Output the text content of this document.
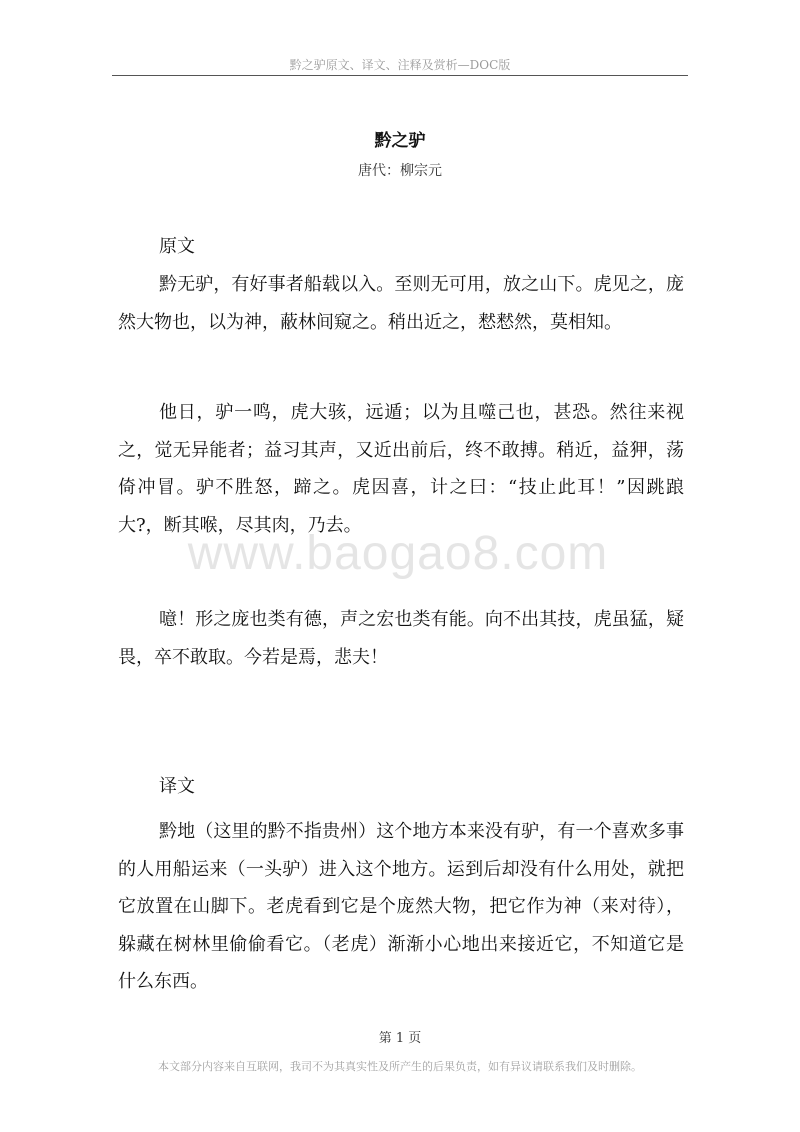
黔之驴原文、译文、注释及赏析—DOC版
黔之驴
唐代：柳宗元
原文

黔无驴，有好事者船载以入。至则无可用，放之山下。虎见之，庞然大物也，以为神，蔽林间窥之。稍出近之，慭慭然，莫相知。

他日，驴一鸣，虎大骇，远遁；以为且噬己也，甚恐。然往来视之，觉无异能者；益习其声，又近出前后，终不敢搏。稍近，益狎，荡倚冲冒。驴不胜怒，蹄之。虎因喜，计之曰：“技止此耳！”因跳踉大?，断其喉，尽其肉，乃去。

噫！形之庞也类有德，声之宏也类有能。向不出其技，虎虽猛，疑畏，卒不敢取。今若是焉，悲夫！

译文

黔地（这里的黔不指贵州）这个地方本来没有驴，有一个喜欢多事的人用船运来（一头驴）进入这个地方。运到后却没有什么用处，就把它放置在山脚下。老虎看到它是个庞然大物，把它作为神（来对待），躲藏在树林里偷偷看它。（老虎）渐渐小心地出来接近它，不知道它是什么东西。

www.baogao8.com
第 1 页
本文部分内容来自互联网，我司不为其真实性及所产生的后果负责，如有异议请联系我们及时删除。
